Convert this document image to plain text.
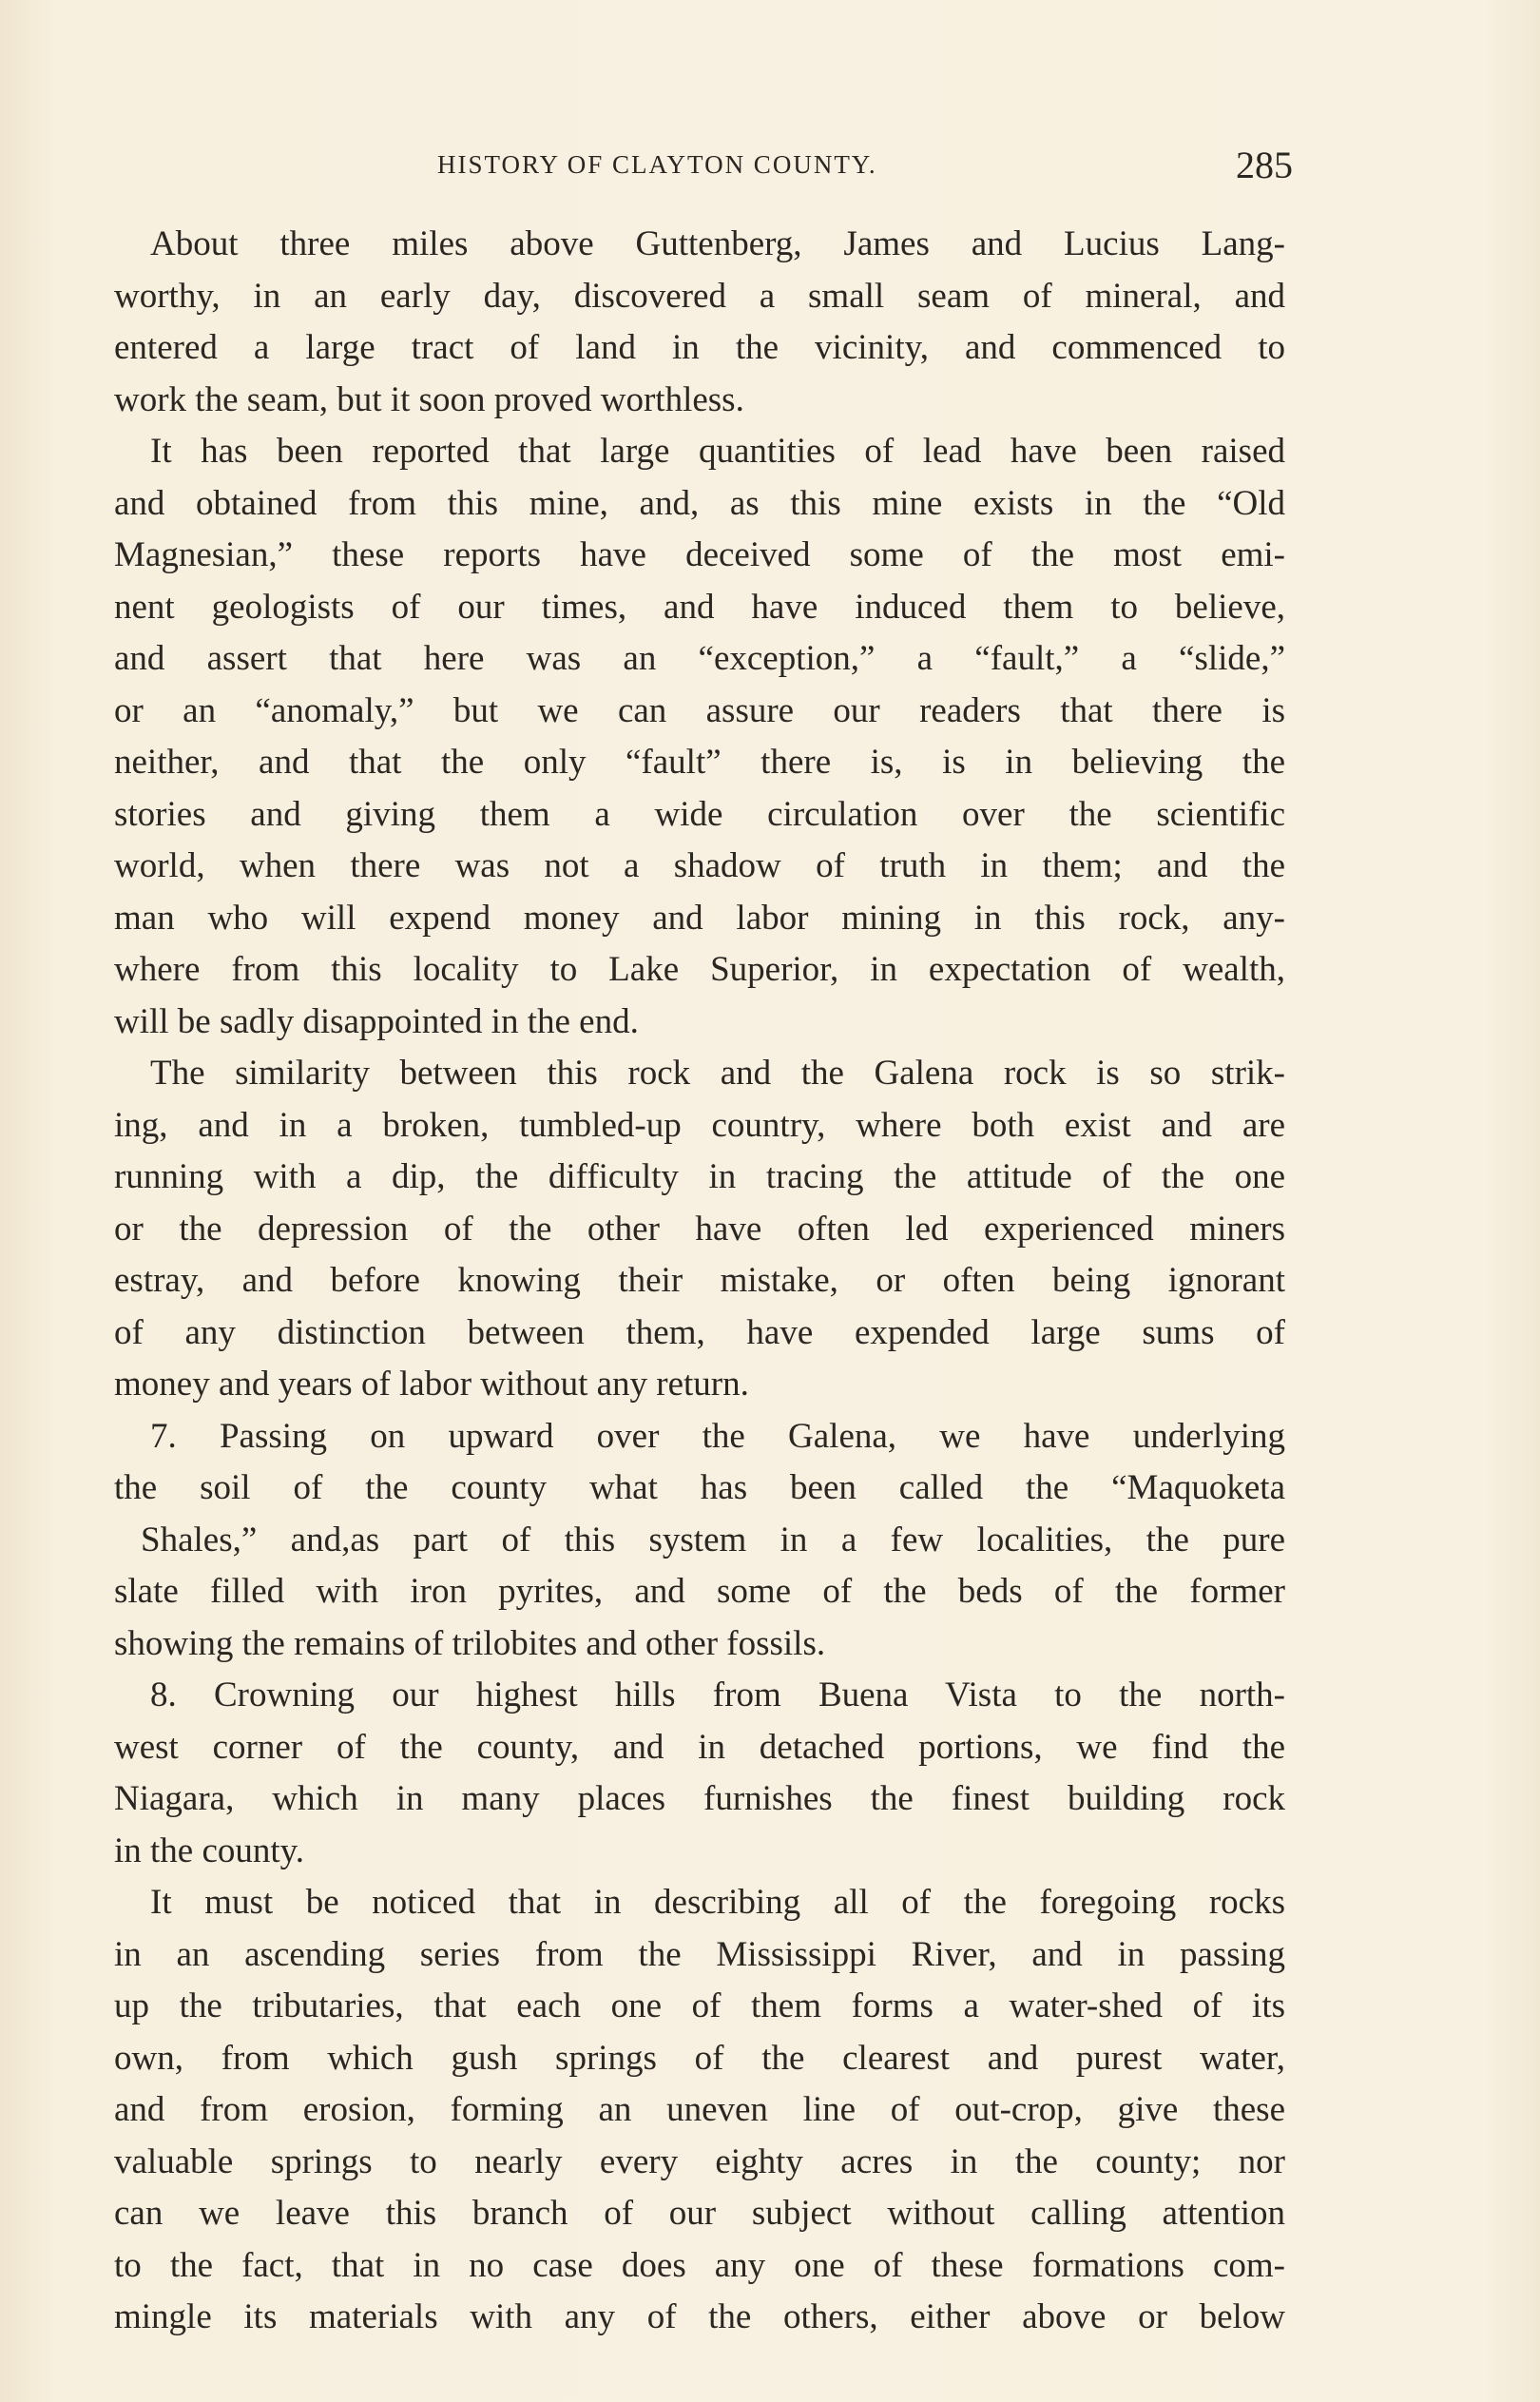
HISTORY OF CLAYTON COUNTY.	285
About three miles above Guttenberg, James and Lucius Lang-
worthy, in an early day, discovered a small seam of mineral, and
entered a large tract of land in the vicinity, and commenced to
work the seam, but it soon proved worthless.
It has been reported that large quantities of lead have been raised
and obtained from this mine, and, as this mine exists in the “Old
Magnesian,” these reports have deceived some of the most emi-
nent geologists of our times, and have induced them to believe,
and assert that here was an “exception,” a “fault,” a “slide,”
or an “anomaly,” but we can assure our readers that there is
neither, and that the only “fault” there is, is in believing the
stories and giving them a wide circulation over the scientific
world, when there was not a shadow of truth in them; and the
man who will expend money and labor mining in this rock, any-
where from this locality to Lake Superior, in expectation of wealth,
will be sadly disappointed in the end.
The similarity between this rock and the Galena rock is so strik-
ing, and in a broken, tumbled-up country, where both exist and are
running with a dip, the difficulty in tracing the attitude of the one
or the depression of the other have often led experienced miners
estray, and before knowing their mistake, or often being ignorant
of any distinction between them, have expended large sums of
money and years of labor without any return.
7. Passing on upward over the Galena, we have underlying
the soil of the county what has been called the “Maquoketa
Shales,” and,as part of this system in a few localities, the pure
slate filled with iron pyrites, and some of the beds of the former
showing the remains of trilobites and other fossils.
8. Crowning our highest hills from Buena Vista to the north-
west corner of the county, and in detached portions, we find the
Niagara, which in many places furnishes the finest building rock
in the county.
It must be noticed that in describing all of the foregoing rocks
in an ascending series from the Mississippi River, and in passing
up the tributaries, that each one of them forms a water-shed of its
own, from which gush springs of the clearest and purest water,
and from erosion, forming an uneven line of out-crop, give these
valuable springs to nearly every eighty acres in the county; nor
can we leave this branch of our subject without calling attention
to the fact, that in no case does any one of these formations com-
mingle its materials with any of the others, either above or below
